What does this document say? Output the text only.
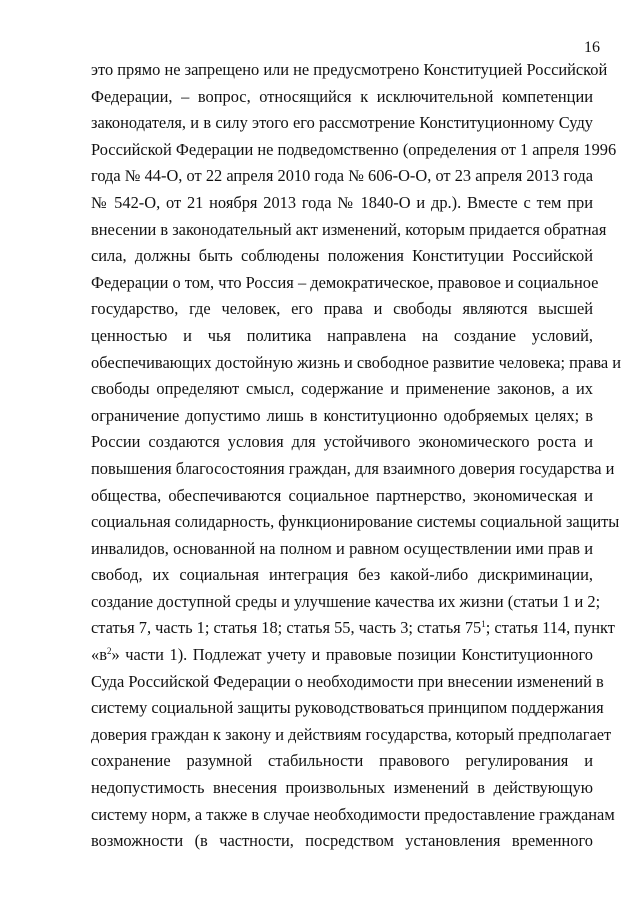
16
это прямо не запрещено или не предусмотрено Конституцией Российской
Федерации, – вопрос, относящийся к исключительной компетенции
законодателя, и в силу этого его рассмотрение Конституционному Суду
Российской Федерации не подведомственно (определения от 1 апреля 1996
года № 44-О, от 22 апреля 2010 года № 606-О-О, от 23 апреля 2013 года
№ 542-О, от 21 ноября 2013 года № 1840-О и др.). Вместе с тем при
внесении в законодательный акт изменений, которым придается обратная
сила, должны быть соблюдены положения Конституции Российской
Федерации о том, что Россия – демократическое, правовое и социальное
государство, где человек, его права и свободы являются высшей
ценностью и чья политика направлена на создание условий,
обеспечивающих достойную жизнь и свободное развитие человека; права и
свободы определяют смысл, содержание и применение законов, а их
ограничение допустимо лишь в конституционно одобряемых целях; в
России создаются условия для устойчивого экономического роста и
повышения благосостояния граждан, для взаимного доверия государства и
общества, обеспечиваются социальное партнерство, экономическая и
социальная солидарность, функционирование системы социальной защиты
инвалидов, основанной на полном и равном осуществлении ими прав и
свобод, их социальная интеграция без какой-либо дискриминации,
создание доступной среды и улучшение качества их жизни (статьи 1 и 2;
статья 7, часть 1; статья 18; статья 55, часть 3; статья $75^1$; статья 114, пункт
«$в^2$» части 1). Подлежат учету и правовые позиции Конституционного
Суда Российской Федерации о необходимости при внесении изменений в
систему социальной защиты руководствоваться принципом поддержания
доверия граждан к закону и действиям государства, который предполагает
сохранение разумной стабильности правового регулирования и
недопустимость внесения произвольных изменений в действующую
систему норм, а также в случае необходимости предоставление гражданам
возможности (в частности, посредством установления временного
